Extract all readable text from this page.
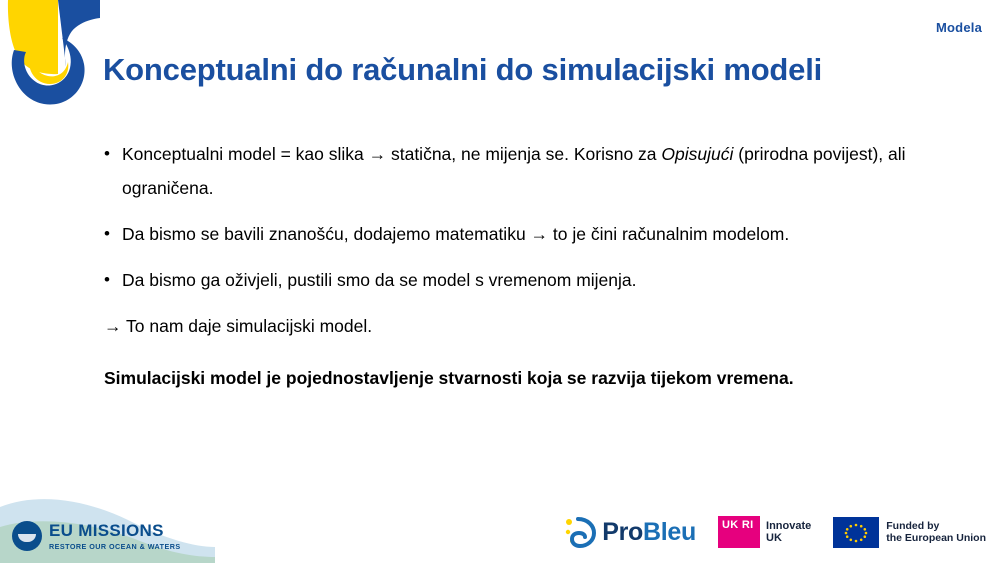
Modela
Konceptualni do računalni do simulacijski modeli
• Konceptualni model = kao slika → statična, ne mijenja se. Korisno za Opisujući (prirodna povijest), ali ograničena.
• Da bismo se bavili znanošću, dodajemo matematiku → to je čini računalnim modelom.
• Da bismo ga oživjeli, pustili smo da se model s vremenom mijenja.
→ To nam daje simulacijski model.
Simulacijski model je pojednostavljenje stvarnosti koja se razvija tijekom vremena.
EU MISSIONS
RESTORE OUR OCEAN & WATERS
ProBleu	UK RI	Innovate
UK
Funded by
the European Union
